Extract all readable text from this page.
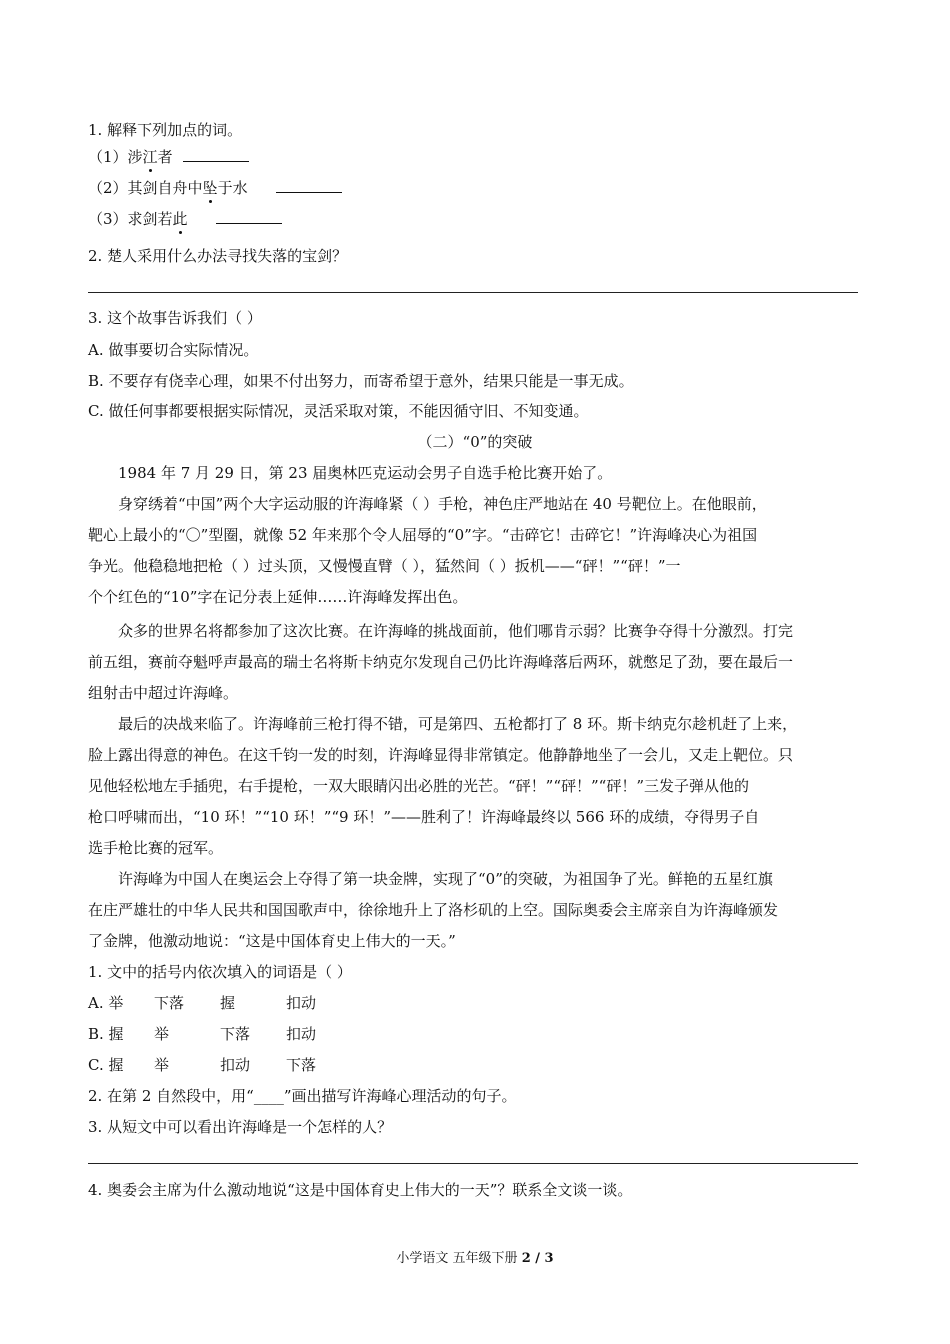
1. 解释下列加点的词。
（1）涉江者
（2）其剑自舟中坠于水
（3）求剑若此
2. 楚人采用什么办法寻找失落的宝剑？
3. 这个故事告诉我们（ ）
A. 做事要切合实际情况。
B. 不要存有侥幸心理，如果不付出努力，而寄希望于意外，结果只能是一事无成。
C. 做任何事都要根据实际情况，灵活采取对策，不能因循守旧、不知变通。
（二）“0”的突破
1984 年 7 月 29 日，第 23 届奥林匹克运动会男子自选手枪比赛开始了。
身穿绣着“中国”两个大字运动服的许海峰紧（ ）手枪，神色庄严地站在 40 号靶位上。在他眼前，
靶心上最小的“〇”型圈，就像 52 年来那个令人屈辱的“0”字。“击碎它！击碎它！”许海峰决心为祖国
争光。他稳稳地把枪（ ）过头顶，又慢慢直臂（ ），猛然间（ ）扳机——“砰！”“砰！”一
个个红色的“10”字在记分表上延伸……许海峰发挥出色。
众多的世界名将都参加了这次比赛。在许海峰的挑战面前，他们哪肯示弱？比赛争夺得十分激烈。打完
前五组，赛前夺魁呼声最高的瑞士名将斯卡纳克尔发现自己仍比许海峰落后两环，就憋足了劲，要在最后一
组射击中超过许海峰。
最后的决战来临了。许海峰前三枪打得不错，可是第四、五枪都打了 8 环。斯卡纳克尔趁机赶了上来，
脸上露出得意的神色。在这千钧一发的时刻，许海峰显得非常镇定。他静静地坐了一会儿，又走上靶位。只
见他轻松地左手插兜，右手提枪，一双大眼睛闪出必胜的光芒。“砰！”“砰！”“砰！”三发子弹从他的
枪口呼啸而出，“10 环！”“10 环！”“9 环！”——胜利了！许海峰最终以 566 环的成绩，夺得男子自
选手枪比赛的冠军。
许海峰为中国人在奥运会上夺得了第一块金牌，实现了“0”的突破，为祖国争了光。鲜艳的五星红旗
在庄严雄壮的中华人民共和国国歌声中，徐徐地升上了洛杉矶的上空。国际奥委会主席亲自为许海峰颁发
了金牌，他激动地说：“这是中国体育史上伟大的一天。”
1. 文中的括号内依次填入的词语是（ ）
A. 举 下落 握	扣动
B. 握 举	下落 扣动
C. 握 举	扣动 下落
2. 在第 2 自然段中，用“____”画出描写许海峰心理活动的句子。
3. 从短文中可以看出许海峰是一个怎样的人？
4. 奥委会主席为什么激动地说“这是中国体育史上伟大的一天”？联系全文谈一谈。
小学语文 五年级下册 2 / 3
